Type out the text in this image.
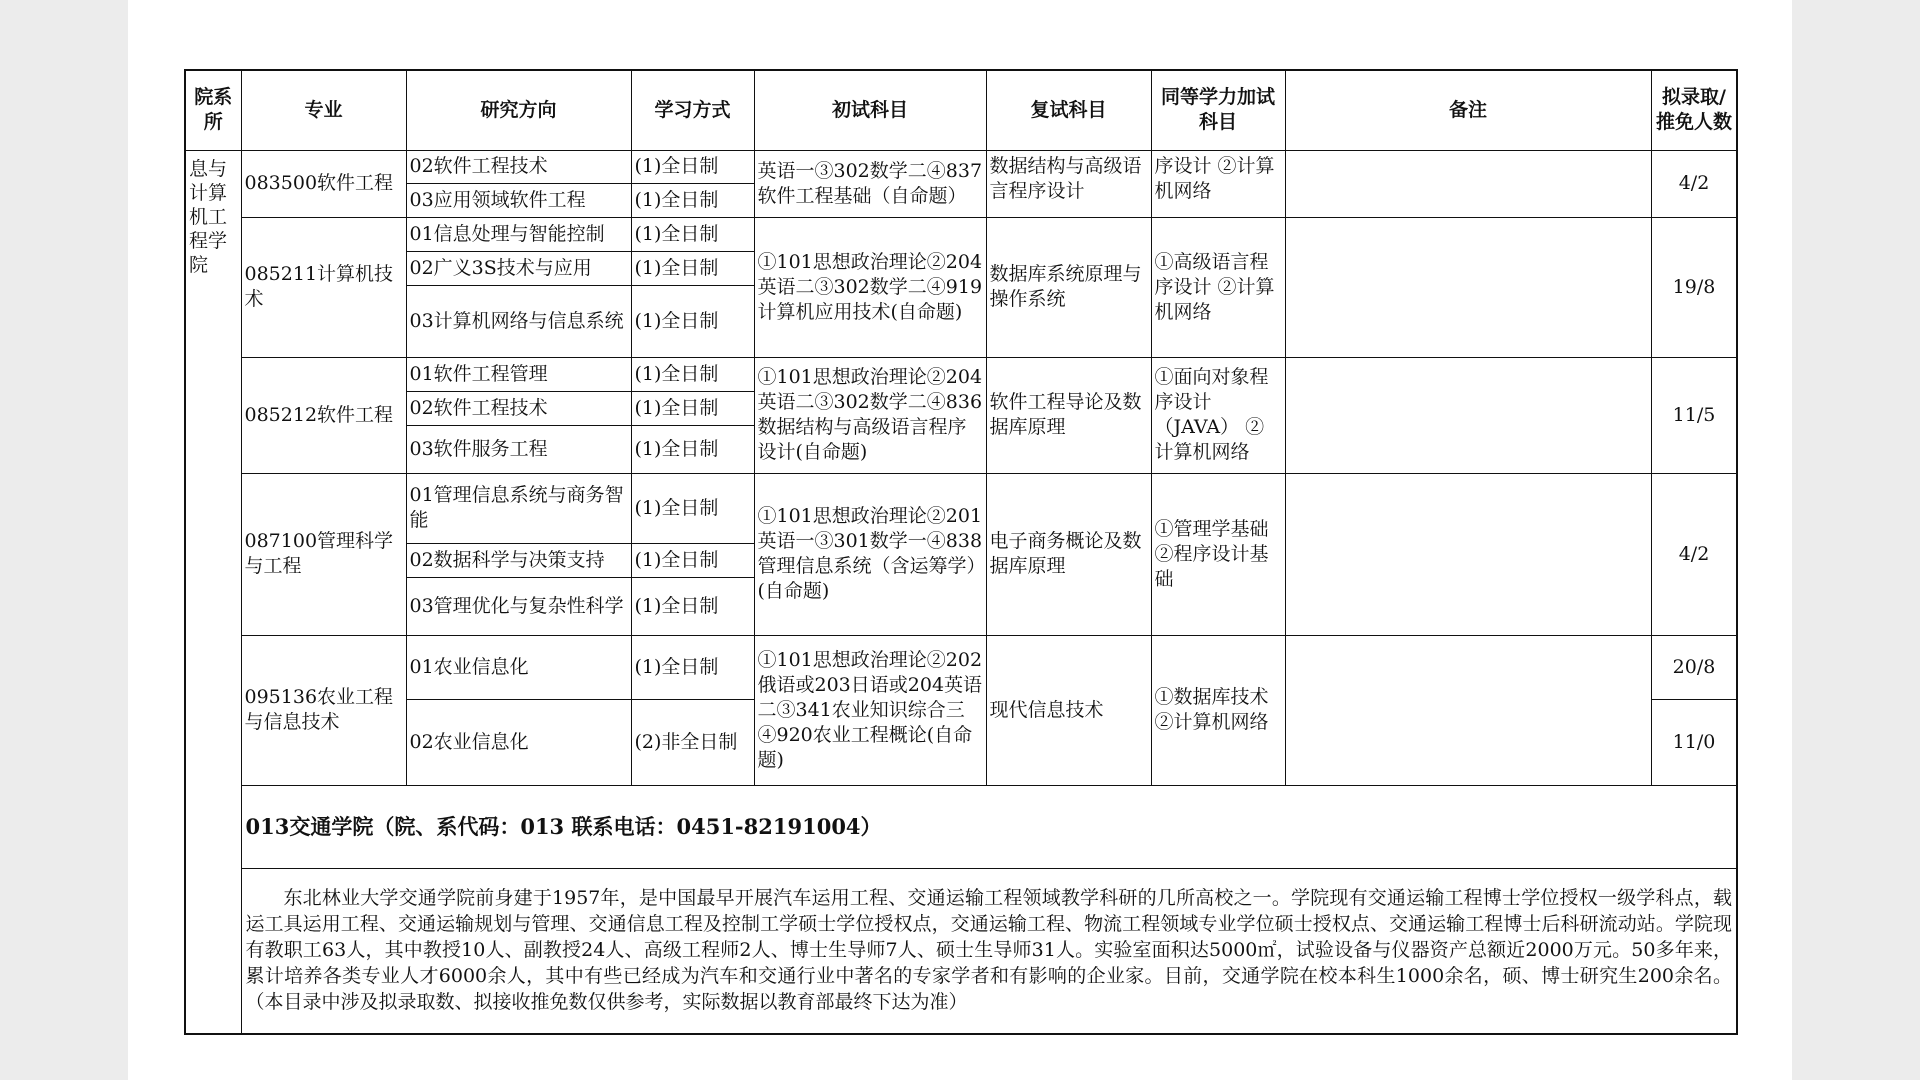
院系所	专业	研究方向	学习方式	初试科目	复试科目	同等学力加试科目	备注	拟录取/推免人数
息与计算机工程学院	083500软件工程	02软件工程技术	(1)全日制	英语一③302数学二④837软件工程基础（自命题）	数据结构与高级语言程序设计	序设计 ②计算机网络		4/2
		03应用领域软件工程	(1)全日制					
	085211计算机技术	01信息处理与智能控制	(1)全日制	①101思想政治理论②204英语二③302数学二④919计算机应用技术(自命题)	数据库系统原理与操作系统	①高级语言程序设计 ②计算机网络		19/8
		02广义3S技术与应用	(1)全日制					
		03计算机网络与信息系统	(1)全日制					
	085212软件工程	01软件工程管理	(1)全日制	①101思想政治理论②204英语二③302数学二④836数据结构与高级语言程序设计(自命题)	软件工程导论及数据库原理	①面向对象程序设计 （JAVA） ②计算机网络		11/5
		02软件工程技术	(1)全日制					
		03软件服务工程	(1)全日制					
	087100管理科学与工程	01管理信息系统与商务智能	(1)全日制	①101思想政治理论②201英语一③301数学一④838管理信息系统（含运筹学）(自命题)	电子商务概论及数据库原理	①管理学基础 ②程序设计基础		4/2
		02数据科学与决策支持	(1)全日制					
		03管理优化与复杂性科学	(1)全日制					
	095136农业工程与信息技术	01农业信息化	(1)全日制	①101思想政治理论②202俄语或203日语或204英语二③341农业知识综合三④920农业工程概论(自命题)	现代信息技术	①数据库技术 ②计算机网络		20/8
		02农业信息化	(2)非全日制					11/0
	013交通学院（院、系代码：013 联系电话：0451-82191004）							
	东北林业大学交通学院前身建于1957年，是中国最早开展汽车运用工程、交通运输工程领域教学科研的几所高校之一。学院现有交通运输工程博士学位授权一级学科点，载运工具运用工程、交通运输规划与管理、交通信息工程及控制工学硕士学位授权点，交通运输工程、物流工程领域专业学位硕士授权点、交通运输工程博士后科研流动站。学院现有教职工63人，其中教授10人、副教授24人、高级工程师2人、博士生导师7人、硕士生导师31人。实验室面积达5000㎡，试验设备与仪器资产总额近2000万元。50多年来，累计培养各类专业人才6000余人，其中有些已经成为汽车和交通行业中著名的专家学者和有影响的企业家。目前，交通学院在校本科生1000余名，硕、博士研究生200余名。（本目录中涉及拟录取数、拟接收推免数仅供参考，实际数据以教育部最终下达为准）							
